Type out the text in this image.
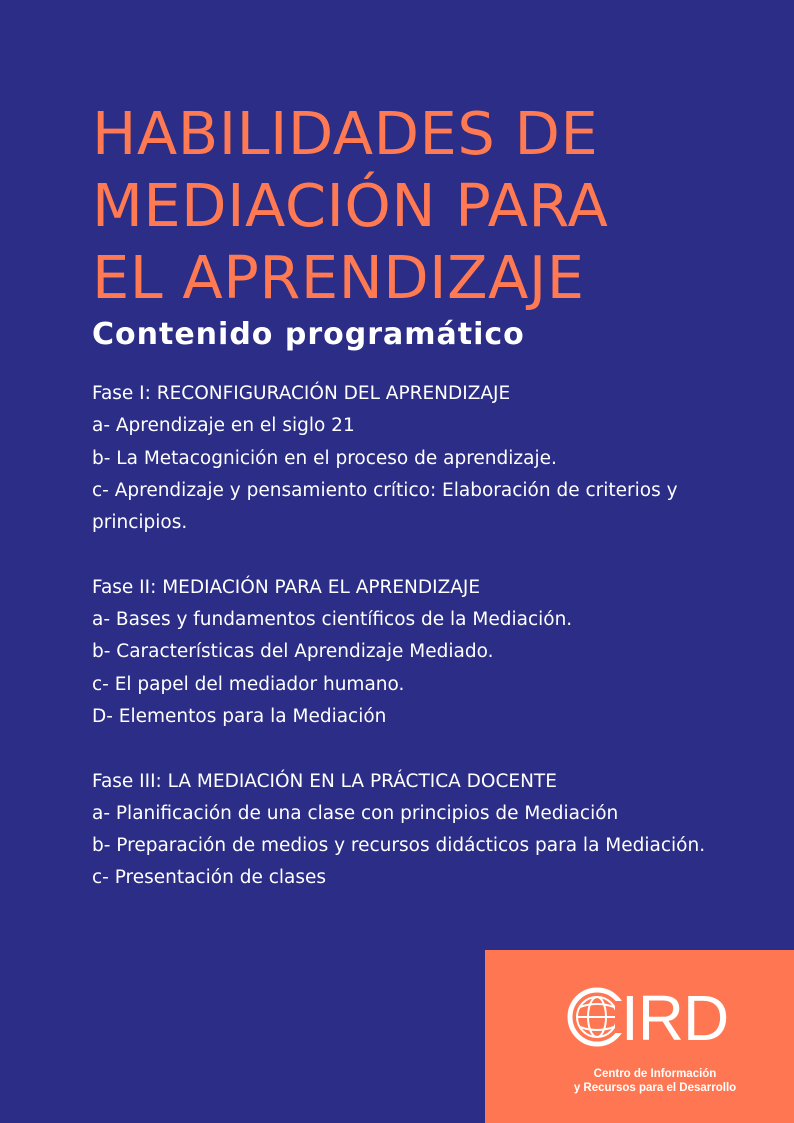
HABILIDADES DE
MEDIACIÓN PARA
EL APRENDIZAJE
Contenido programático

Fase I: RECONFIGURACIÓN DEL APRENDIZAJE

a- Aprendizaje en el siglo 21

b- La Metacognición en el proceso de aprendizaje.

c- Aprendizaje y pensamiento crítico: Elaboración de criterios y principios.

Fase II: MEDIACIÓN PARA EL APRENDIZAJE

a- Bases y fundamentos científicos de la Mediación.

b- Características del Aprendizaje Mediado.

c- El papel del mediador humano.

D- Elementos para la Mediación

Fase III: LA MEDIACIÓN EN LA PRÁCTICA DOCENTE

a- Planificación de una clase con principios de Mediación

b- Preparación de medios y recursos didácticos para la Mediación.

c- Presentación de clases

IRD
Centro de Información
y Recursos para el Desarrollo
